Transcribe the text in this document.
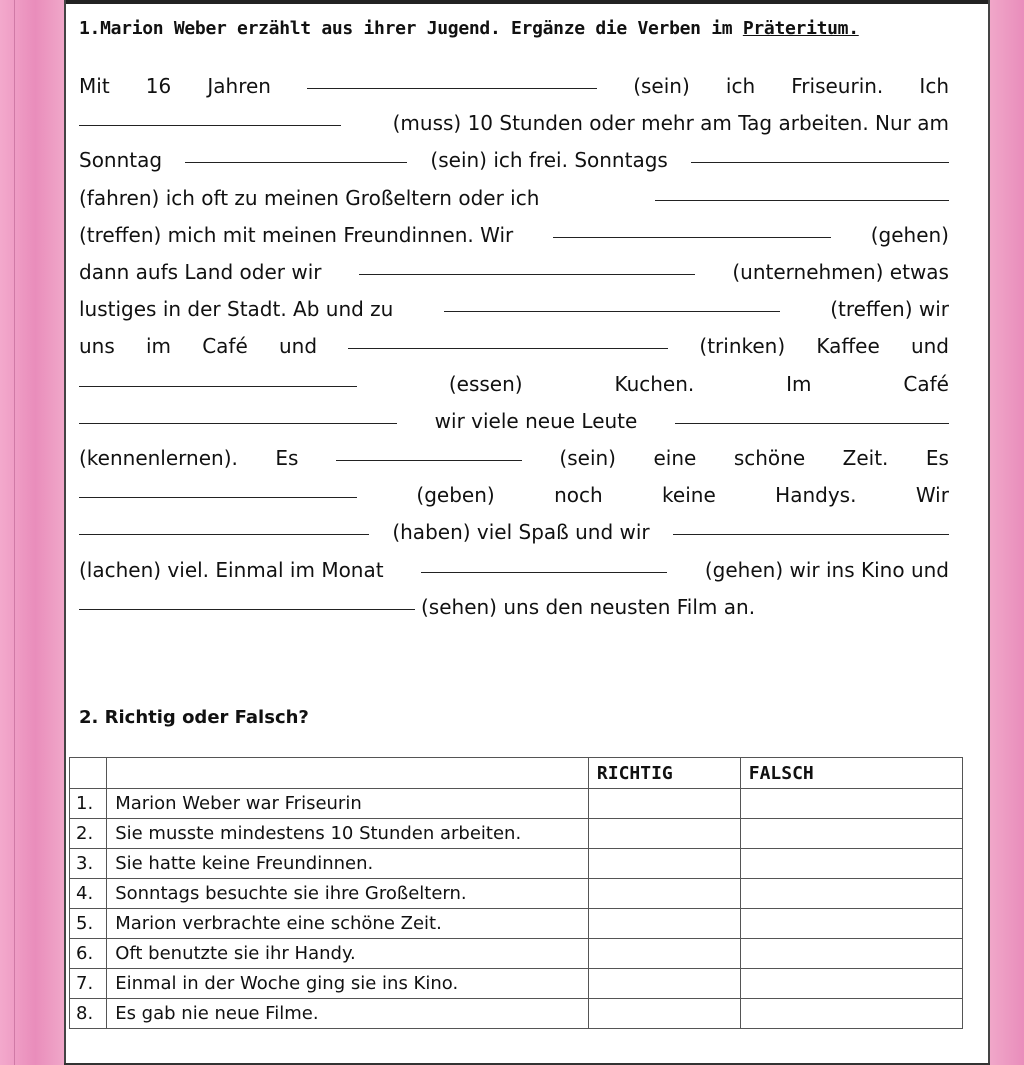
1.Marion Weber erzählt aus ihrer Jugend. Ergänze die Verben im Präteritum.
Mit 16 Jahren	(sein) ich Friseurin. Ich
(muss) 10 Stunden oder mehr am Tag arbeiten. Nur am
Sonntag	(sein) ich frei. Sonntags
(fahren) ich oft zu meinen Großeltern oder ich
(treffen) mich mit meinen Freundinnen. Wir	(gehen)
dann aufs Land oder wir	(unternehmen) etwas
lustiges in der Stadt. Ab und zu	(treffen) wir
uns im Café und	(trinken) Kaffee und
(essen)	Kuchen.	Im	Café
wir viele neue Leute
(kennenlernen). Es	(sein) eine schöne Zeit. Es
(geben)	noch	keine	Handys.	Wir
(haben) viel Spaß und wir
(lachen) viel. Einmal im Monat	(gehen) wir ins Kino und
(sehen) uns den neusten Film an.
2. Richtig oder Falsch?
		RICHTIG	FALSCH
1.	Marion Weber war Friseurin		
2.	Sie musste mindestens 10 Stunden arbeiten.		
3.	Sie hatte keine Freundinnen.		
4.	Sonntags besuchte sie ihre Großeltern.		
5.	Marion verbrachte eine schöne Zeit.		
6.	Oft benutzte sie ihr Handy.		
7.	Einmal in der Woche ging sie ins Kino.		
8.	Es gab nie neue Filme.		
